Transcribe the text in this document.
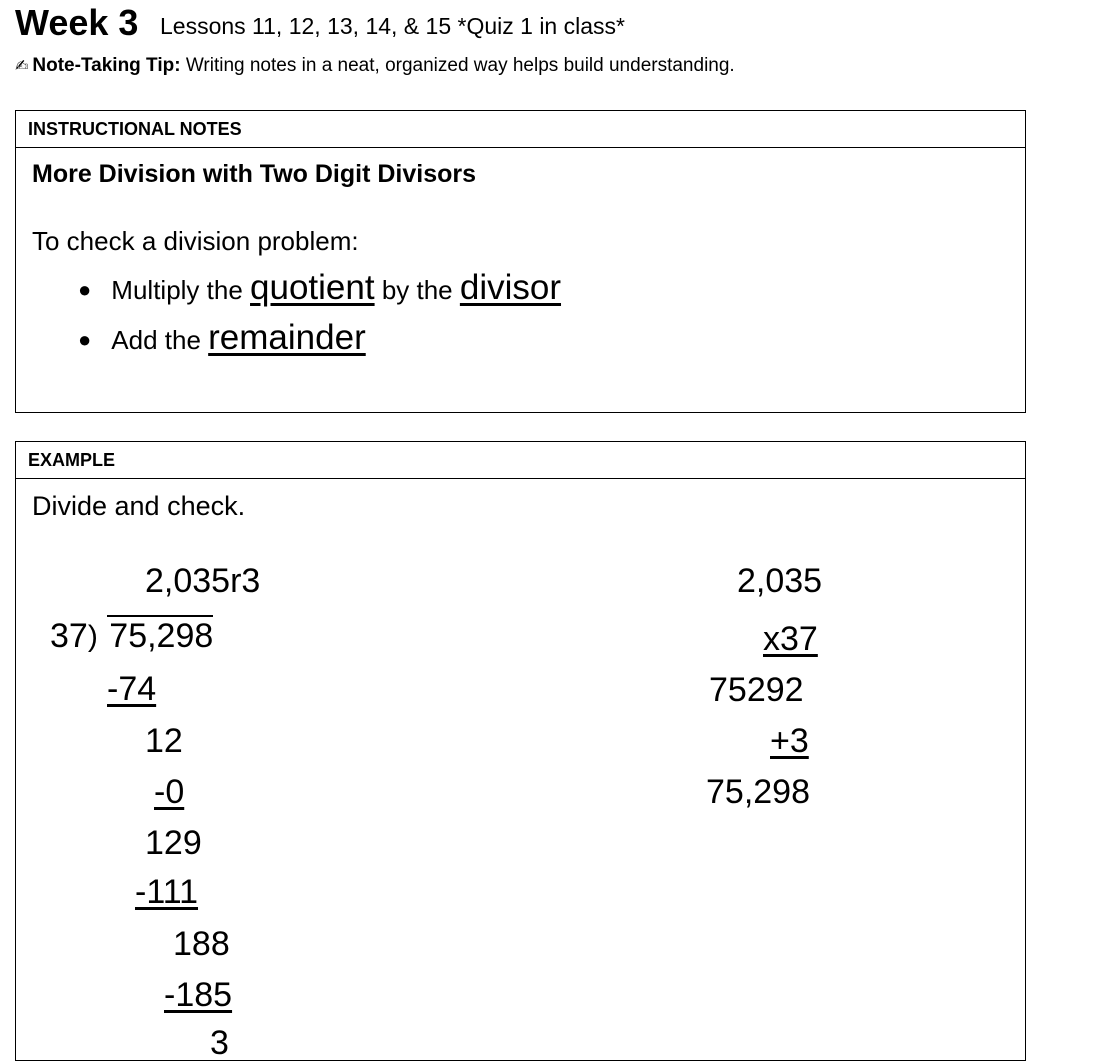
Week 3 Lessons 11, 12, 13, 14, & 15 *Quiz 1 in class*
✍ Note-Taking Tip: Writing notes in a neat, organized way helps build understanding.
INSTRUCTIONAL NOTES
More Division with Two Digit Divisors
To check a division problem:
● Multiply the quotient by the divisor
● Add the remainder
EXAMPLE
Divide and check.
2,035r3
37) 75,298
-74
12
-0
129
-111
188
-185
3
2,035
x37
75292
+3
75,298
